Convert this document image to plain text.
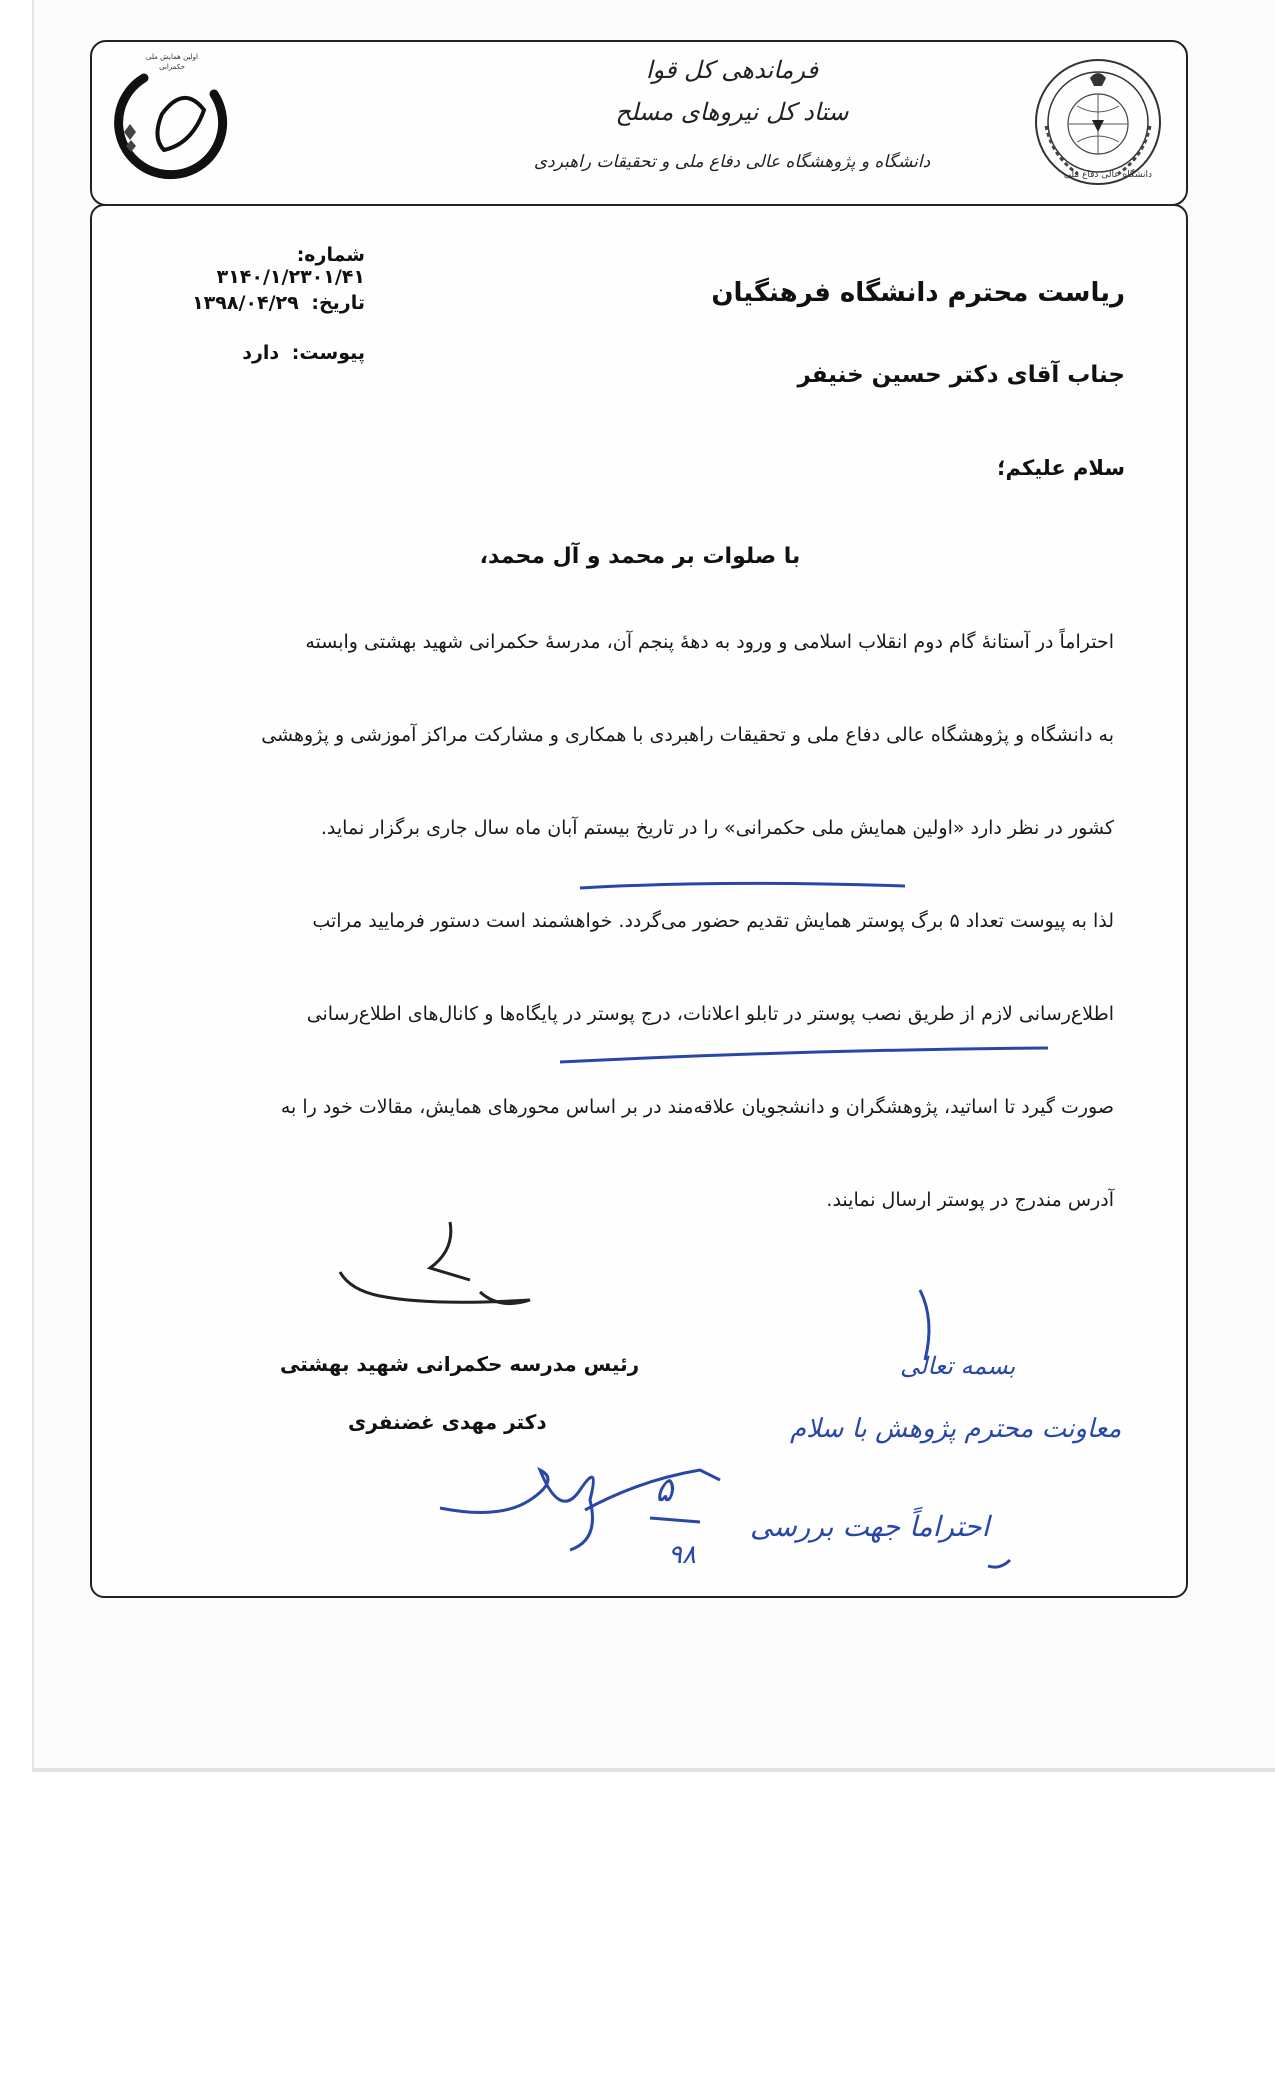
دانشگاه عالی دفاع ملی
فرماندهی کل قوا
ستاد کل نیروهای مسلح
دانشگاه و پژوهشگاه عالی دفاع ملی و تحقیقات راهبردی
اولین همایش ملی حکمرانی
شماره: ۳۱۴۰/۱/۲۳۰۱/۴۱
تاریخ: ۱۳۹۸/۰۴/۲۹
پیوست: دارد
ریاست محترم دانشگاه فرهنگیان
جناب آقای دکتر حسین خنیفر
سلام علیکم؛
با صلوات بر محمد و آل محمد،
احتراماً در آستانهٔ گام دوم انقلاب اسلامی و ورود به دههٔ پنجم آن، مدرسهٔ حکمرانی شهید بهشتی وابسته
به دانشگاه و پژوهشگاه عالی دفاع ملی و تحقیقات راهبردی با همکاری و مشارکت مراکز آموزشی و پژوهشی
کشور در نظر دارد «اولین همایش ملی حکمرانی» را در تاریخ بیستم آبان ماه سال جاری برگزار نماید.
لذا به پیوست تعداد ۵ برگ پوستر همایش تقدیم حضور می‌گردد. خواهشمند است دستور فرمایید مراتب
اطلاع‌رسانی لازم از طریق نصب پوستر در تابلو اعلانات، درج پوستر در پایگاه‌ها و کانال‌های اطلاع‌رسانی
صورت گیرد تا اساتید، پژوهشگران و دانشجویان علاقه‌مند در بر اساس محورهای همایش، مقالات خود را به
آدرس مندرج در پوستر ارسال نمایند.
بسمه تعالی
معاونت محترم پژوهش با سلام
احتراماً جهت بررسی
۵
۹۸
رئیس مدرسه حکمرانی شهید بهشتی
دکتر مهدی غضنفری
